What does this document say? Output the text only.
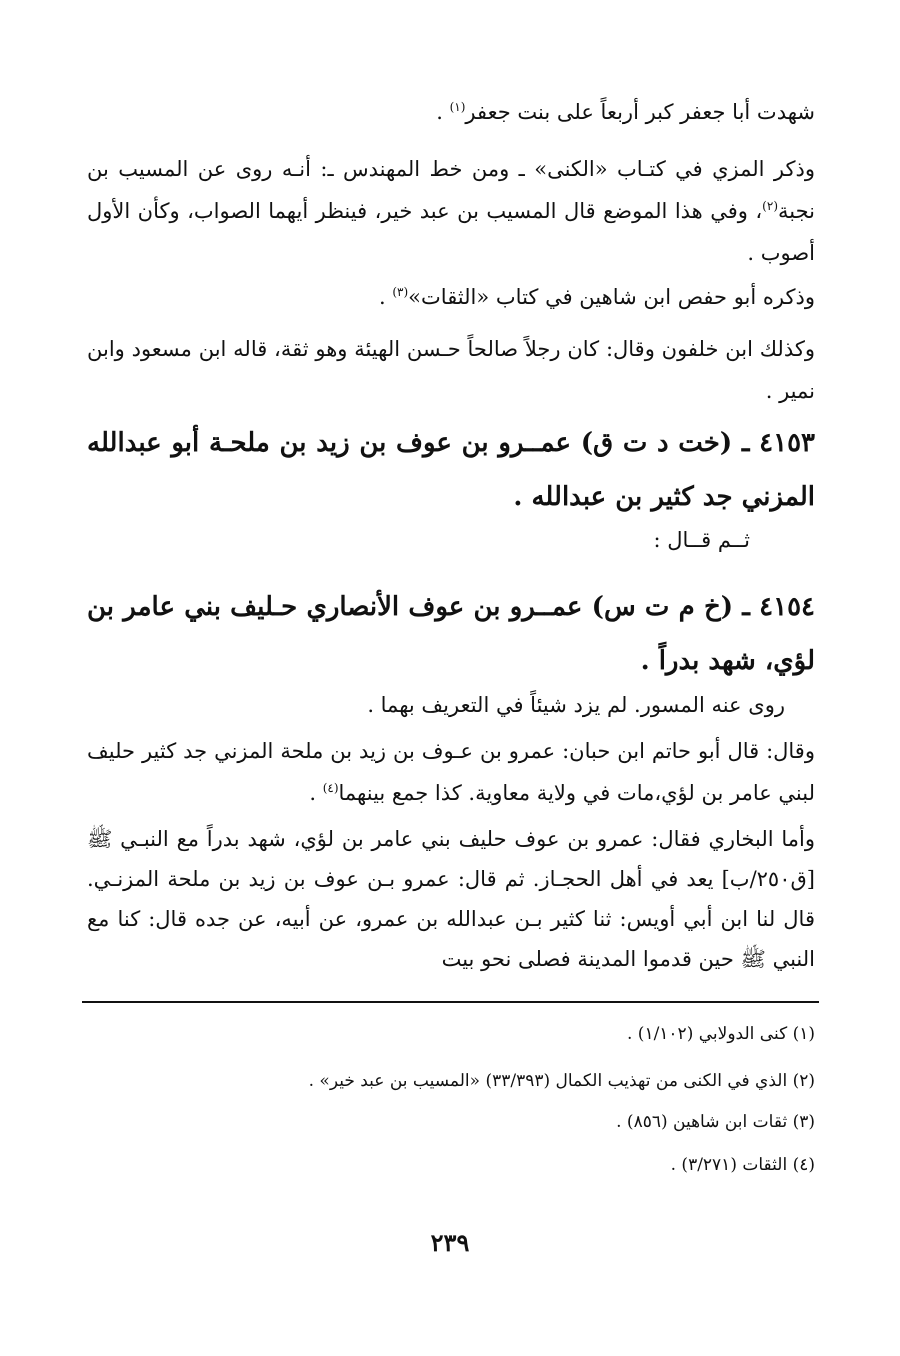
شهدت أبا جعفر كبر أربعاً على بنت جعفر$^{(١)}$ .

وذكر المزي في كتـاب «الكنى» ـ ومن خط المهندس ـ: أنـه روى عن المسيب بن نجبة$^{(٢)}$، وفي هذا الموضع قال المسيب بن عبد خير، فينظر أيهما الصواب، وكأن الأول أصوب .

وذكره أبو حفص ابن شاهين في كتاب «الثقات»$^{(٣)}$ .

وكذلك ابن خلفون وقال: كان رجلاً صالحاً حـسن الهيئة وهو ثقة، قاله ابن مسعود وابن نمير .

٤١٥٣ ـ (خت د ت ق) عمــرو بن عوف بن زيد بن ملحـة أبو عبدالله المزني جد كثير بن عبدالله .

ثــم قــال :

٤١٥٤ ـ (خ م ت س) عمــرو بن عوف الأنصاري حـليف بني عامر بن لؤي، شهد بدراً .

روى عنه المسور. لم يزد شيئاً في التعريف بهما .

وقال: قال أبو حاتم ابن حبان: عمرو بن عـوف بن زيد بن ملحة المزني جد كثير حليف لبني عامر بن لؤي،مات في ولاية معاوية. كذا جمع بينهما$^{(٤)}$ .

وأما البخاري فقال: عمرو بن عوف حليف بني عامر بن لؤي، شهد بدراً مع النبـي ﷺ [ق٢٥٠/ب] يعد في أهل الحجـاز. ثم قال: عمرو بـن عوف بن زيد بن ملحة المزنـي. قال لنا ابن أبي أويس: ثنا كثير بـن عبدالله بن عمرو، عن أبيه، عن جده قال: كنا مع النبي ﷺ حين قدموا المدينة فصلى نحو بيت

(١) كنى الدولابي (١/١٠٢) .

(٢) الذي في الكنى من تهذيب الكمال (٣٣/٣٩٣) «المسيب بن عبد خير» .

(٣) ثقات ابن شاهين (٨٥٦) .

(٤) الثقات (٣/٢٧١) .

٢٣٩
